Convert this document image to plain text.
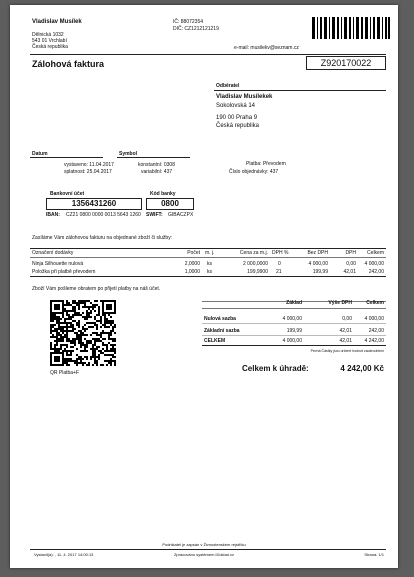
Vladislav Musílek
Dělnická 1032
543 01 Vrchlabí
Česká republika
IČ: 88072354
DIČ: CZ1212121219
e-mail: musilekv@seznam.cz
Zálohová faktura	Z920170022
Odběratel
Vladislav Musílekek
Sokolovská 14
190 00 Praha 9
Česká republika
Datum
vystaveno: 11.04.2017
splatnost: 25.04.2017
Symbol
konstantní: 0308
variabilní: 437
Platba: Převodem
Číslo objednávky: 437
Bankovní účet
1356431260
Kód banky
0800
IBAN: CZ21 0800 0000 0013 5643 1260	SWIFT: GIBACZPX
Zasíláme Vám zálohovou fakturu na objednané zboží či služby:
Označení dodávky	Počet m. j.	Cena za m.j. DPH %	Bez DPH	DPH	Celkem
Ninja Silhouette nulová	2,0000 ks	2 000,0000 0	4 000,00	0,00	4 000,00
Položka při platbě převodem	1,0000 ks	199,9900 21	199,99	42,01	242,00
Zboží Vám pošleme obratem po přijetí platby na náš účet.
QR Platba+F
Základ	Výše DPH	Celkem
Nulová sazba	4 000,00	0,00	4 000,00
Základní sazba	199,99	42,01	242,00
CELKEM	4 000,00	42,01	4 242,00
Pevná Částky jsou určené hodnot zaokrouhlení
Celkem k úhradě:	4 242,00 Kč
Podnikatel je zapsán v Živnostenském rejstříku
Vystavil(a): , 11. 4. 2017 14:00:13	Zpracováno systémem iDoklad.cz	Strana: 1/1
